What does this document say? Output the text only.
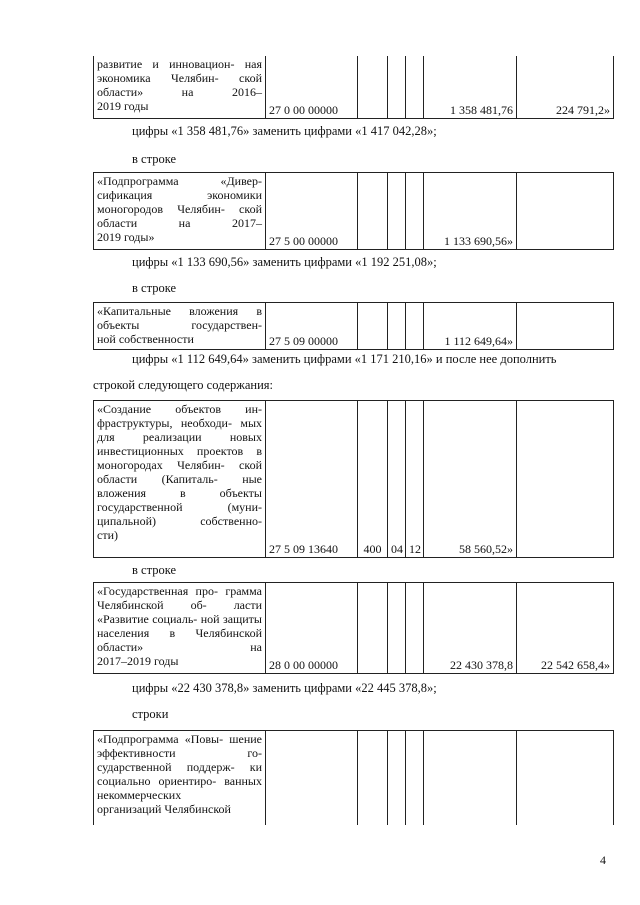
развитие и инновацион- ная экономика Челябин- ской области» на 2016–
2019 годы	27 0 00 00000				1 358 481,76	224 791,2»
цифры «1 358 481,76» заменить цифрами «1 417 042,28»;
в строке
«Подпрограмма «Дивер- сификация экономики моногородов Челябин- ской области на 2017–
2019 годы»	27 5 00 00000				1 133 690,56»	
цифры «1 133 690,56» заменить цифрами «1 192 251,08»;
в строке
«Капитальные вложения в объекты государствен-
ной собственности	27 5 09 00000				1 112 649,64»	
цифры «1 112 649,64» заменить цифрами «1 171 210,16» и после нее дополнить
строкой следующего содержания:
«Создание объектов ин- фраструктуры, необходи- мых для реализации новых инвестиционных проектов в моногородах Челябин- ской области (Капиталь- ные вложения в объекты государственной (муни- ципальной) собственно-
сти)
	27 5 09 13640	400	04	12	58 560,52»	
в строке
«Государственная про- грамма Челябинской об- ласти «Развитие социаль- ной защиты населения в Челябинской области» на
2017–2019 годы	28 0 00 00000				22 430 378,8	22 542 658,4»
цифры «22 430 378,8» заменить цифрами «22 445 378,8»;
строки
«Подпрограмма «Повы- шение эффективности го- сударственной поддерж- ки социально ориентиро- ванных некоммерческих
организаций Челябинской

4
